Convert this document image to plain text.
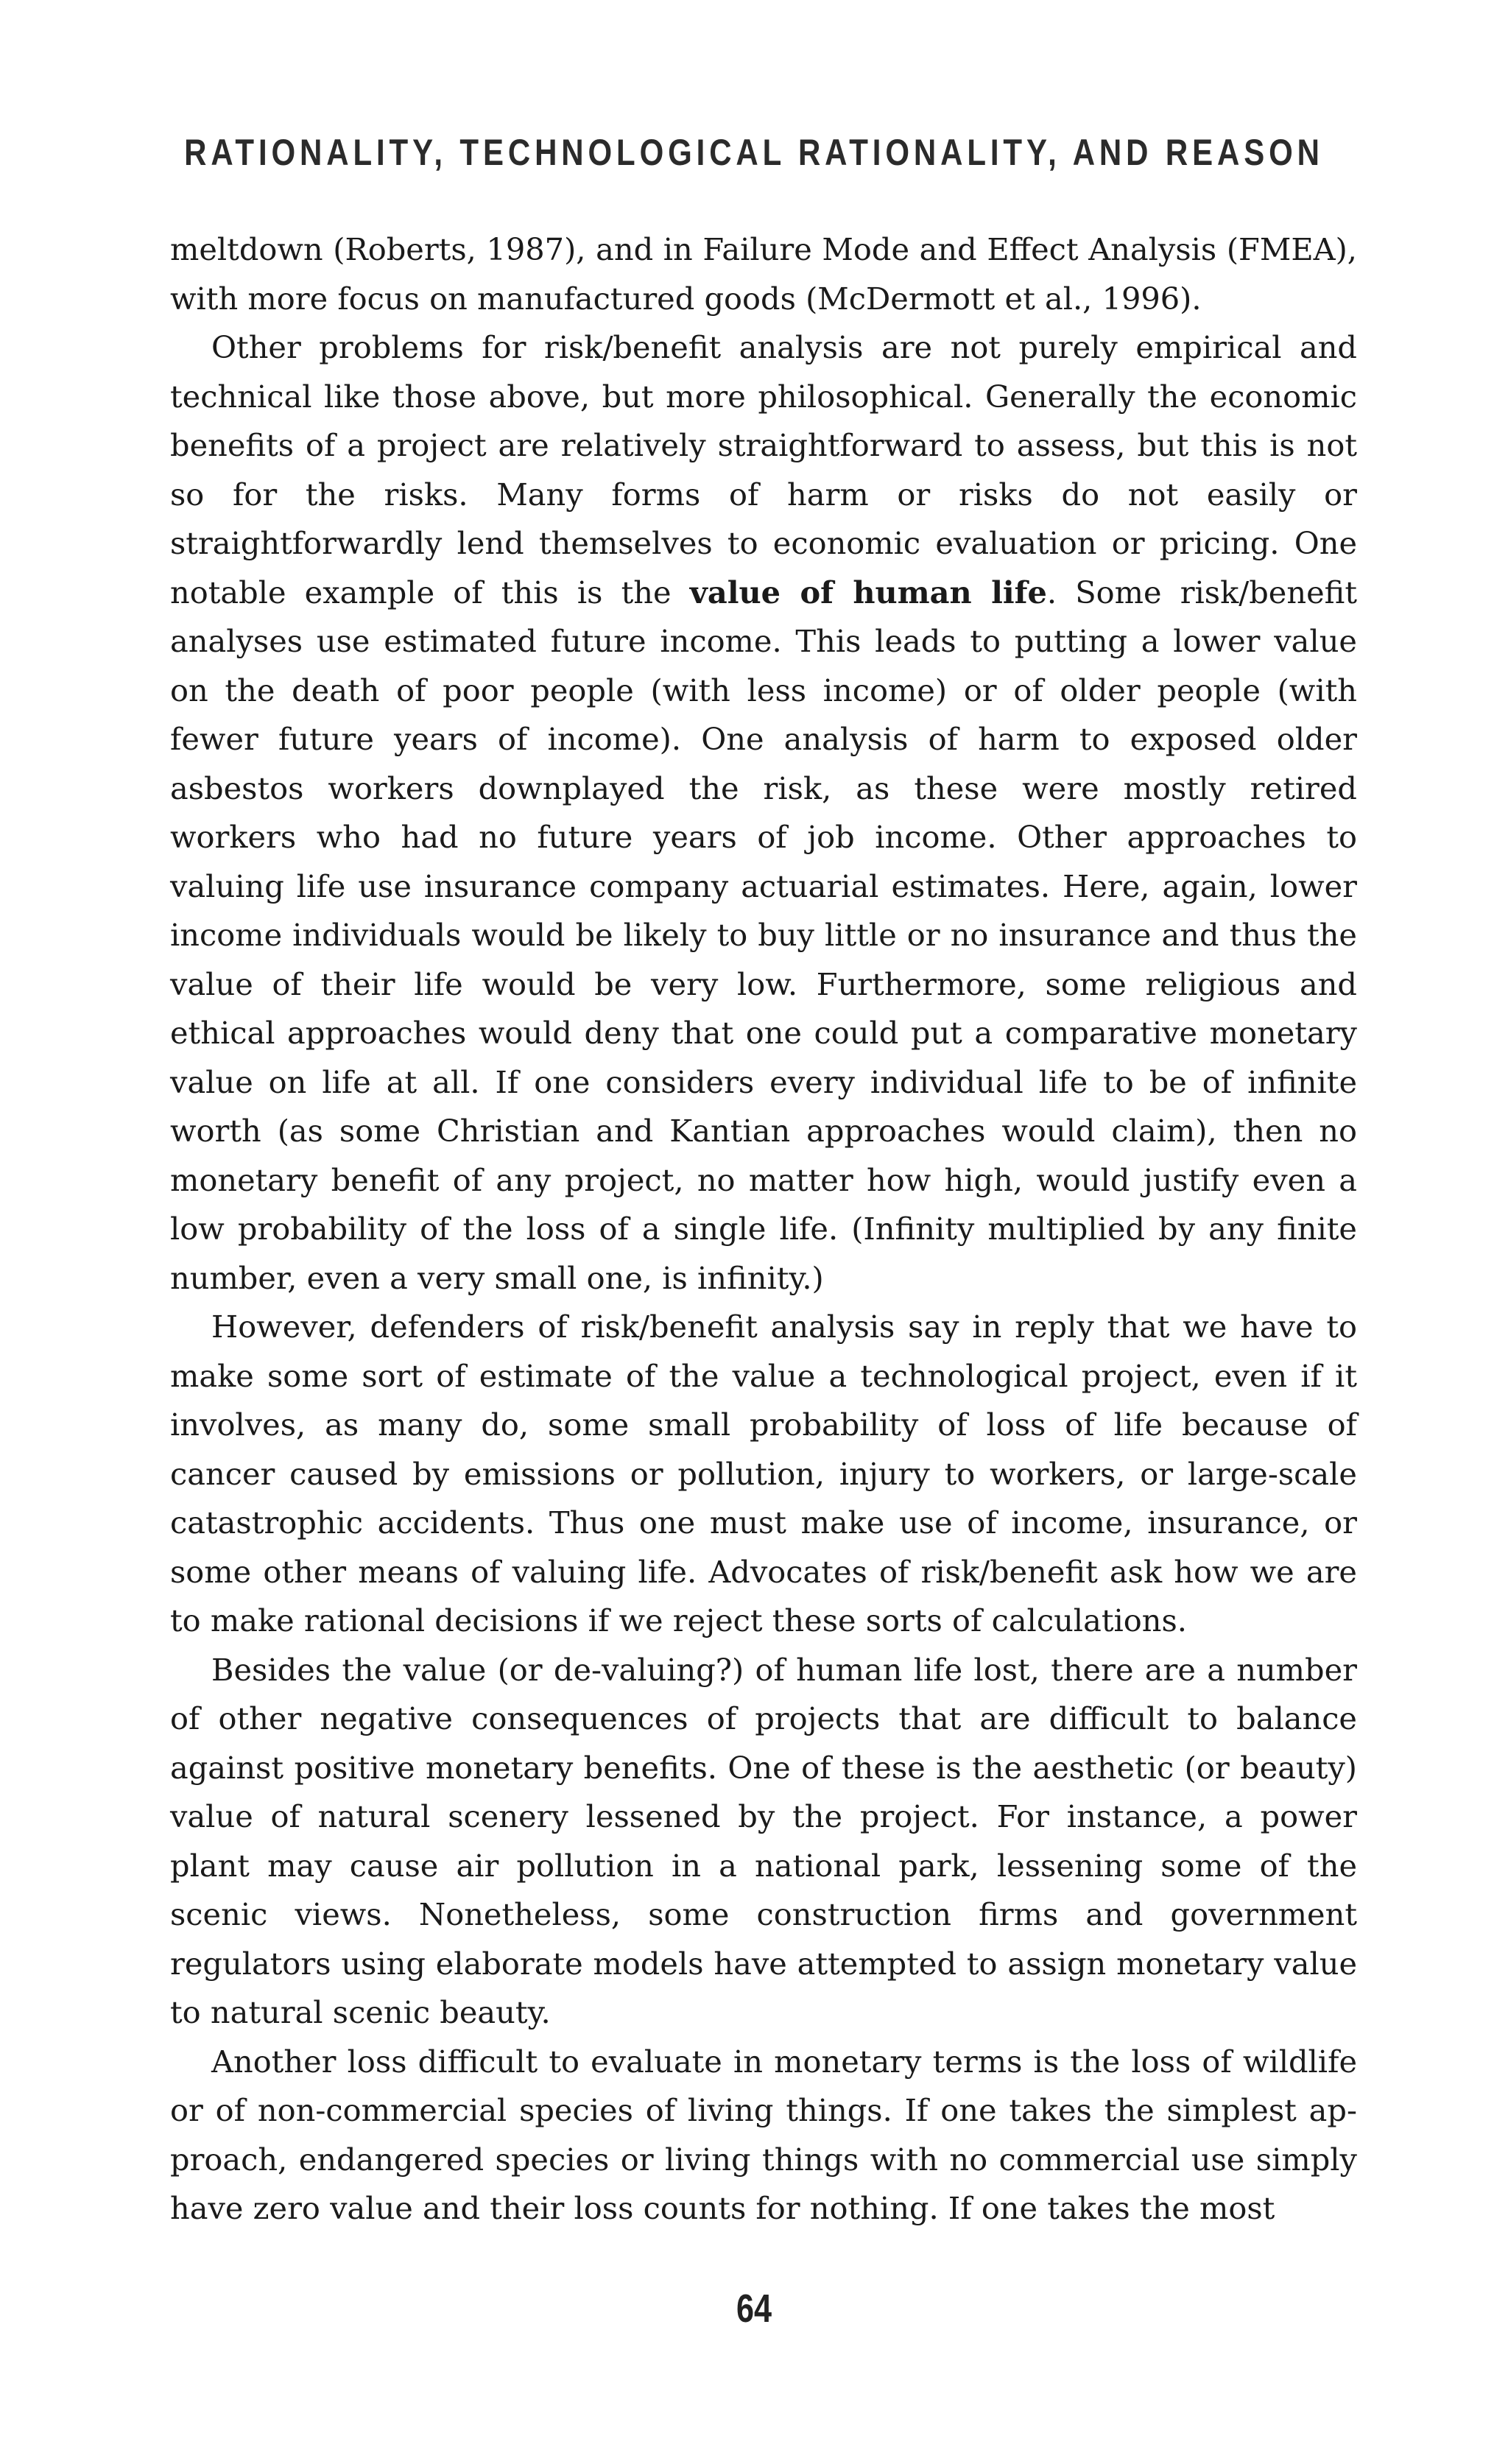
RATIONALITY, TECHNOLOGICAL RATIONALITY, AND REASON

meltdown (Roberts, 1987), and in Failure Mode and Effect Analysis (FMEA), with more focus on manufactured goods (McDermott et al., 1996).

Other problems for risk/benefit analysis are not purely empirical and technical like those above, but more philosophical. Generally the economic benefits of a project are relatively straightforward to assess, but this is not so for the risks. Many forms of harm or risks do not easily or straightforwardly lend themselves to economic evaluation or pricing. One notable example of this is the value of human life. Some risk/benefit analyses use estimated future income. This leads to putting a lower value on the death of poor people (with less income) or of older people (with fewer future years of income). One analysis of harm to exposed older asbestos workers downplayed the risk, as these were mostly retired workers who had no future years of job income. Other approaches to valuing life use insurance company actuarial estimates. Here, again, lower income individuals would be likely to buy little or no insurance and thus the value of their life would be very low. Furthermore, some religious and ethical approaches would deny that one could put a comparative monetary value on life at all. If one considers every individual life to be of infinite worth (as some Christian and Kantian approaches would claim), then no monetary benefit of any project, no matter how high, would justify even a low probability of the loss of a single life. (Infinity multiplied by any finite number, even a very small one, is infinity.)

However, defenders of risk/benefit analysis say in reply that we have to make some sort of estimate of the value a technological project, even if it involves, as many do, some small probability of loss of life because of cancer caused by emissions or pollution, injury to workers, or large-scale catastrophic accidents. Thus one must make use of income, insurance, or some other means of valuing life. Advocates of risk/benefit ask how we are to make rational decisions if we reject these sorts of calculations.

Besides the value (or de-valuing?) of human life lost, there are a number of other negative consequences of projects that are difficult to balance against positive monetary benefits. One of these is the aesthetic (or beauty) value of natural scenery lessened by the project. For instance, a power plant may cause air pollution in a national park, lessening some of the scenic views. Nonetheless, some construction firms and government regulators using elaborate models have attempted to assign monetary value to natural scenic beauty.

Another loss difficult to evaluate in monetary terms is the loss of wildlife or of non-commercial species of living things. If one takes the simplest approach, endangered species or living things with no commercial use simply have zero value and their loss counts for nothing. If one takes the most

64
